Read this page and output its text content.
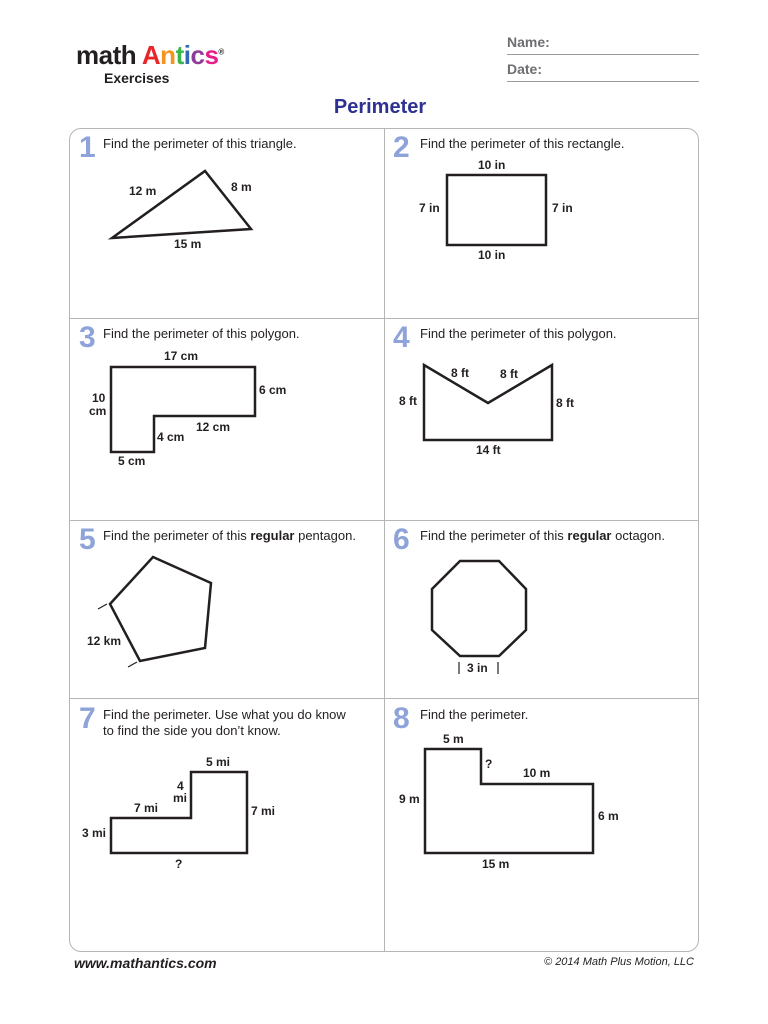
math Antics®
Exercises
Name:
Date:
Perimeter
1 Find the perimeter of this triangle.	2 Find the perimeter of this rectangle.
3 Find the perimeter of this polygon.	4 Find the perimeter of this polygon.
5 Find the perimeter of this regular pentagon. 6 Find the perimeter of this regular octagon.
7 Find the perimeter. Use what you do know
to find the side you don’t know.	8 Find the perimeter.
12 m	8 m
15 m
10 in
7 in	7 in
10 in
17 cm
6 cm
10
cm
12 cm
4 cm
5 cm
8 ft	8 ft
8 ft	8 ft
14 ft
12 km
3 in
5 mi
4
mi
7 mi	7 mi
3 mi
?
5 m
?
10 m
9 m
6 m
15 m
www.mathantics.com	© 2014 Math Plus Motion, LLC
